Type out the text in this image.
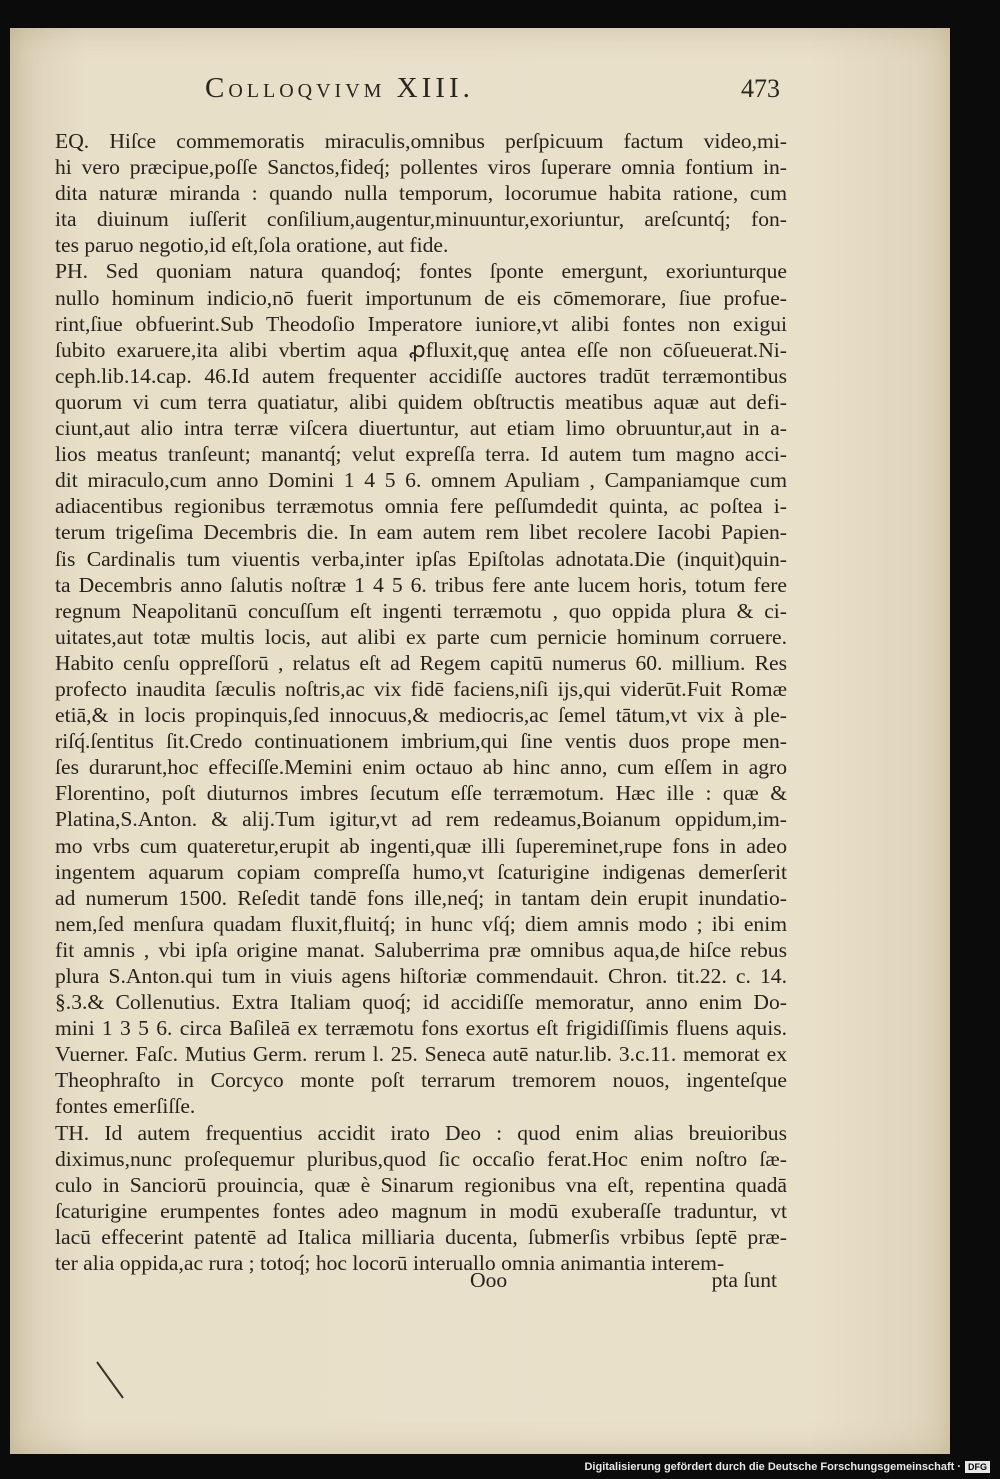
Colloqvivm XIII.	473
EQ. Hiſce commemoratis miraculis,omnibus perſpicuum factum video,mi-
hi vero præcipue,poſſe Sanctos,fideq́; pollentes viros ſuperare omnia fontium in-
dita naturæ miranda : quando nulla temporum, locorumue habita ratione, cum
ita diuinum iuſſerit conſilium,augentur,minuuntur,exoriuntur, areſcuntq́; fon-
tes paruo negotio,id eſt,ſola oratione, aut fide.
PH. Sed quoniam natura quandoq́; fontes ſponte emergunt, exoriunturque
nullo hominum indicio,nō fuerit importunum de eis cōmemorare, ſiue profue-
rint,ſiue obfuerint.Sub Theodoſio Imperatore iuniore,vt alibi fontes non exigui
ſubito exaruere,ita alibi vbertim aqua ꝓfluxit,quę antea eſſe non cōſueuerat.Ni-
ceph.lib.14.cap. 46.Id autem frequenter accidiſſe auctores tradūt terræmontibus
quorum vi cum terra quatiatur, alibi quidem obſtructis meatibus aquæ aut defi-
ciunt,aut alio intra terræ viſcera diuertuntur, aut etiam limo obruuntur,aut in a-
lios meatus tranſeunt; manantq́; velut expreſſa terra. Id autem tum magno acci-
dit miraculo,cum anno Domini 1 4 5 6. omnem Apuliam , Campaniamque cum
adiacentibus regionibus terræmotus omnia fere peſſumdedit quinta, ac poſtea i-
terum trigeſima Decembris die. In eam autem rem libet recolere Iacobi Papien-
ſis Cardinalis tum viuentis verba,inter ipſas Epiſtolas adnotata.Die (inquit)quin-
ta Decembris anno ſalutis noſtræ 1 4 5 6. tribus fere ante lucem horis, totum fere
regnum Neapolitanū concuſſum eſt ingenti terræmotu , quo oppida plura & ci-
uitates,aut totæ multis locis, aut alibi ex parte cum pernicie hominum corruere.
Habito cenſu oppreſſorū , relatus eſt ad Regem capitū numerus 60. millium. Res
profecto inaudita ſæculis noſtris,ac vix fidē faciens,niſi ijs,qui viderūt.Fuit Romæ
etiā,& in locis propinquis,ſed innocuus,& mediocris,ac ſemel tātum,vt vix à ple-
riſq́.ſentitus ſit.Credo continuationem imbrium,qui ſine ventis duos prope men-
ſes durarunt,hoc effeciſſe.Memini enim octauo ab hinc anno, cum eſſem in agro
Florentino, poſt diuturnos imbres ſecutum eſſe terræmotum. Hæc ille : quæ &
Platina,S.Anton. & alij.Tum igitur,vt ad rem redeamus,Boianum oppidum,im-
mo vrbs cum quateretur,erupit ab ingenti,quæ illi ſupereminet,rupe fons in adeo
ingentem aquarum copiam compreſſa humo,vt ſcaturigine indigenas demerſerit
ad numerum 1500. Reſedit tandē fons ille,neq́; in tantam dein erupit inundatio-
nem,ſed menſura quadam fluxit,fluitq́; in hunc vſq́; diem amnis modo ; ibi enim
fit amnis , vbi ipſa origine manat. Saluberrima præ omnibus aqua,de hiſce rebus
plura S.Anton.qui tum in viuis agens hiſtoriæ commendauit. Chron. tit.22. c. 14.
§.3.& Collenutius. Extra Italiam quoq́; id accidiſſe memoratur, anno enim Do-
mini 1 3 5 6. circa Baſileā ex terræmotu fons exortus eſt frigidiſſimis fluens aquis.
Vuerner. Faſc. Mutius Germ. rerum l. 25. Seneca autē natur.lib. 3.c.11. memorat ex
Theophraſto in Corcyco monte poſt terrarum tremorem nouos, ingenteſque
fontes emerſiſſe.
TH. Id autem frequentius accidit irato Deo : quod enim alias breuioribus
diximus,nunc proſequemur pluribus,quod ſic occaſio ferat.Hoc enim noſtro ſæ-
culo in Sanciorū prouincia, quæ è Sinarum regionibus vna eſt, repentina quadā
ſcaturigine erumpentes fontes adeo magnum in modū exuberaſſe traduntur, vt
lacū effecerint patentē ad Italica milliaria ducenta, ſubmerſis vrbibus ſeptē præ-
ter alia oppida,ac rura ; totoq́; hoc locorū interuallo omnia animantia interem-
Ooo	pta ſunt
Digitalisierung gefördert durch die Deutsche Forschungsgemeinschaft · DFG
